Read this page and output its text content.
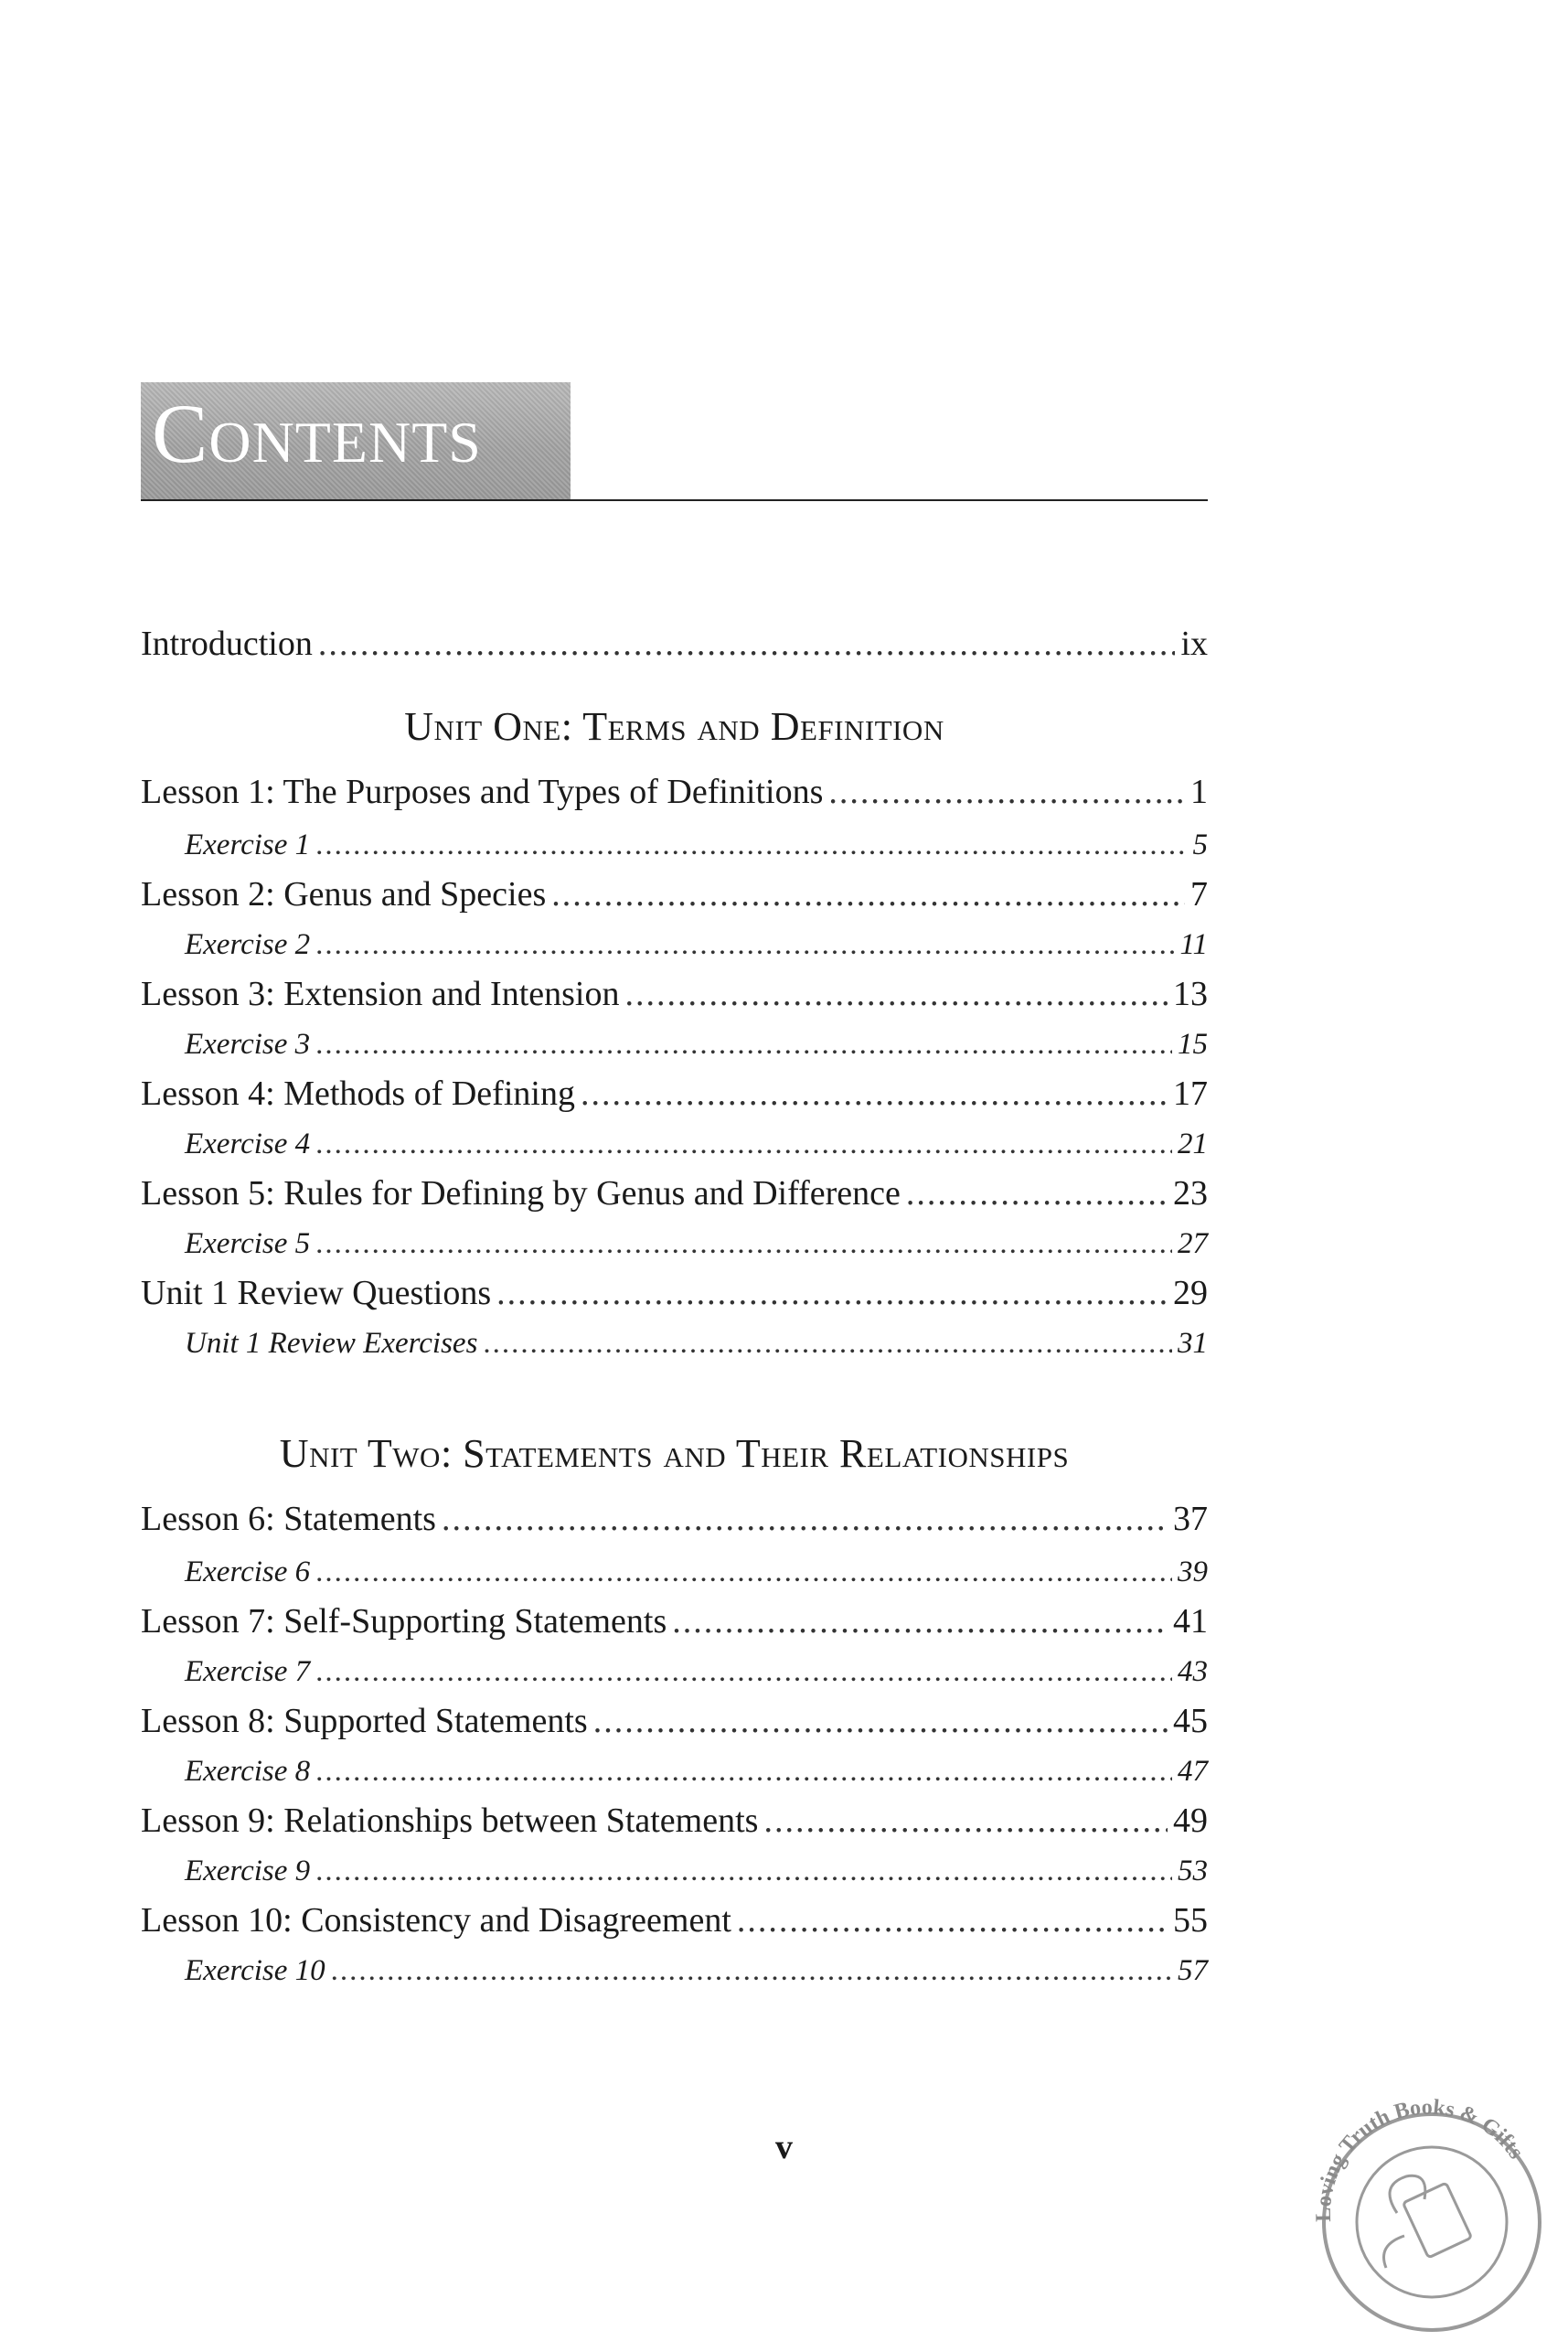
Contents
Introduction .....	ix
Unit One: Terms and Definition
Lesson 1: The Purposes and Types of Definitions .....	1
Exercise 1 .....	5
Lesson 2: Genus and Species .....	7
Exercise 2 .....	11
Lesson 3: Extension and Intension .....	13
Exercise 3 .....	15
Lesson 4: Methods of Defining .....	17
Exercise 4 .....	21
Lesson 5: Rules for Defining by Genus and Difference .....	23
Exercise 5 .....	27
Unit 1 Review Questions .....	29
Unit 1 Review Exercises .....	31
Unit Two: Statements and Their Relationships
Lesson 6: Statements .....	37
Exercise 6 .....	39
Lesson 7: Self-Supporting Statements .....	41
Exercise 7 .....	43
Lesson 8: Supported Statements .....	45
Exercise 8 .....	47
Lesson 9: Relationships between Statements .....	49
Exercise 9 .....	53
Lesson 10: Consistency and Disagreement .....	55
Exercise 10 .....	57
v
Loving Truth Books & Gifts
